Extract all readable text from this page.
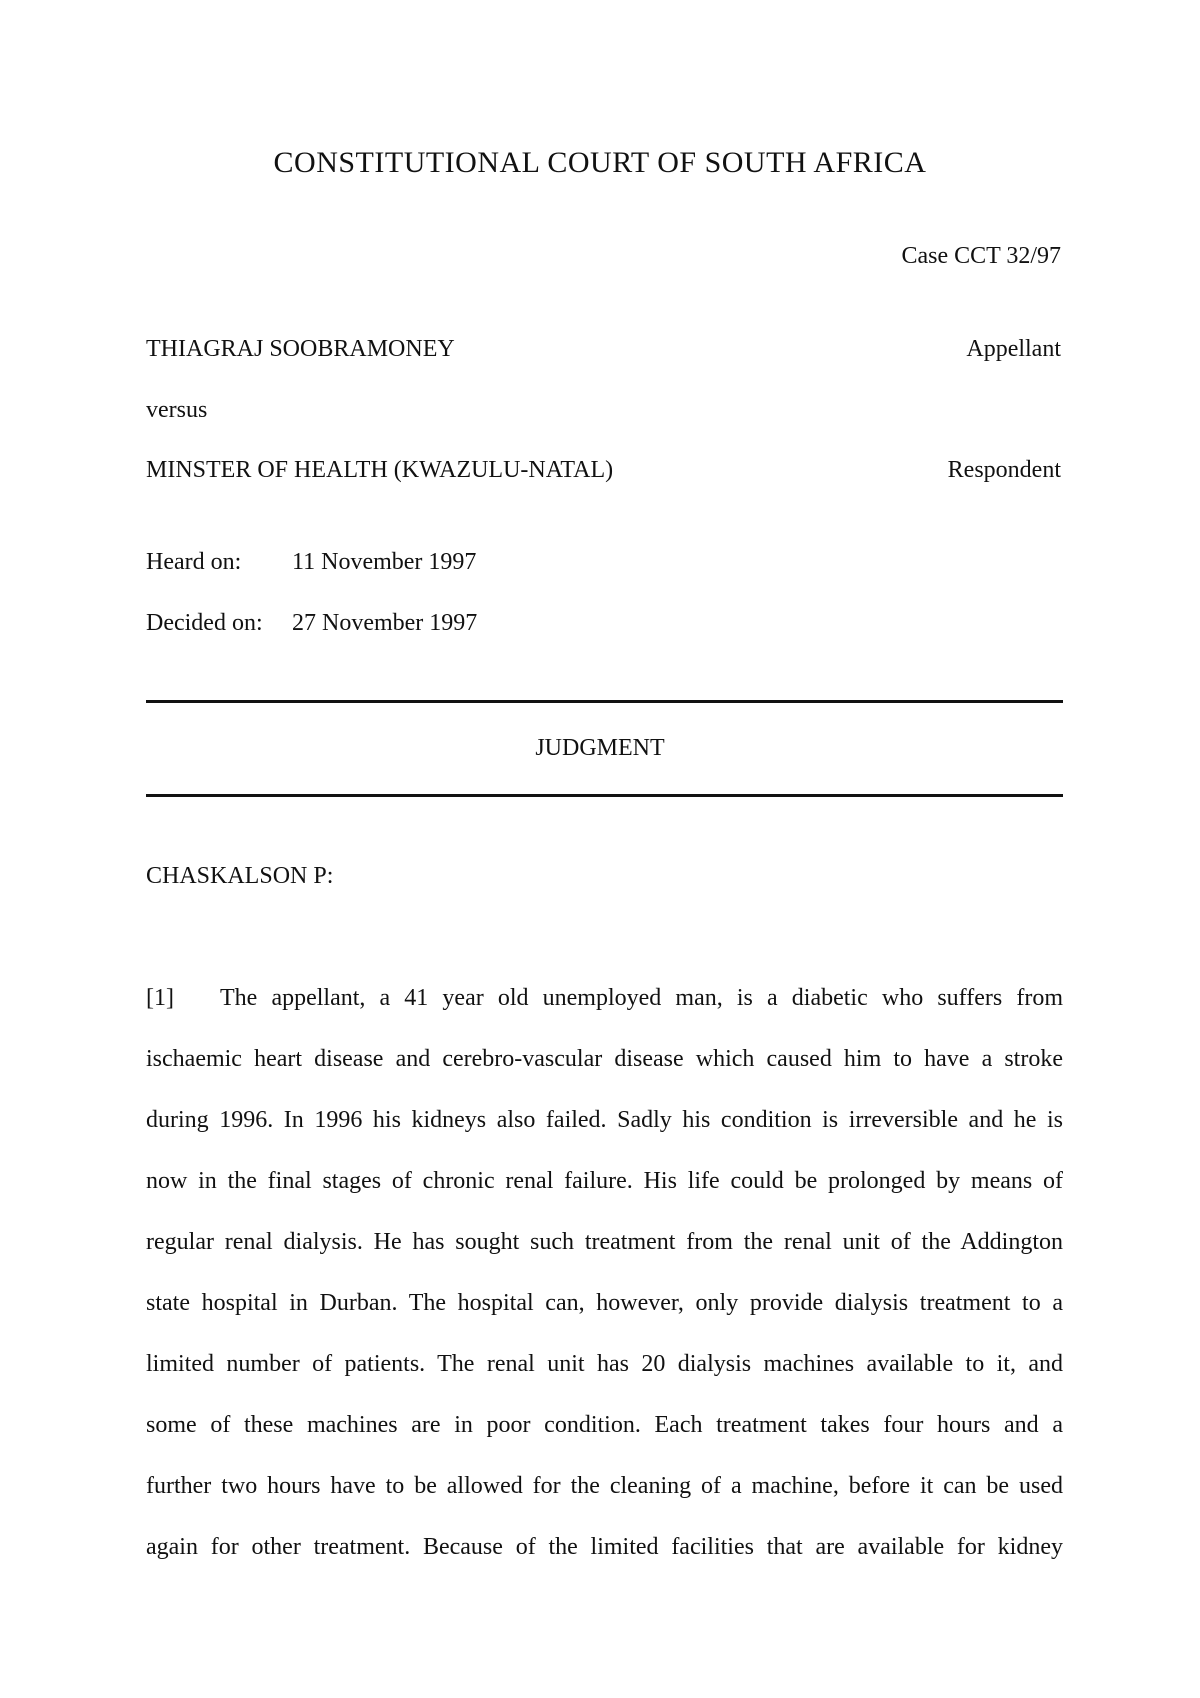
CONSTITUTIONAL COURT OF SOUTH AFRICA
Case CCT 32/97
THIAGRAJ SOOBRAMONEY	Appellant
versus
MINSTER OF HEALTH (KWAZULU-NATAL)	Respondent
Heard on: 11 November 1997
Decided on: 27 November 1997
JUDGMENT
CHASKALSON P:
[1] The appellant, a 41 year old unemployed man, is a diabetic who suffers from
ischaemic heart disease and cerebro-vascular disease which caused him to have a stroke
during 1996. In 1996 his kidneys also failed. Sadly his condition is irreversible and he is
now in the final stages of chronic renal failure. His life could be prolonged by means of
regular renal dialysis. He has sought such treatment from the renal unit of the Addington
state hospital in Durban. The hospital can, however, only provide dialysis treatment to a
limited number of patients. The renal unit has 20 dialysis machines available to it, and
some of these machines are in poor condition. Each treatment takes four hours and a
further two hours have to be allowed for the cleaning of a machine, before it can be used
again for other treatment. Because of the limited facilities that are available for kidney
